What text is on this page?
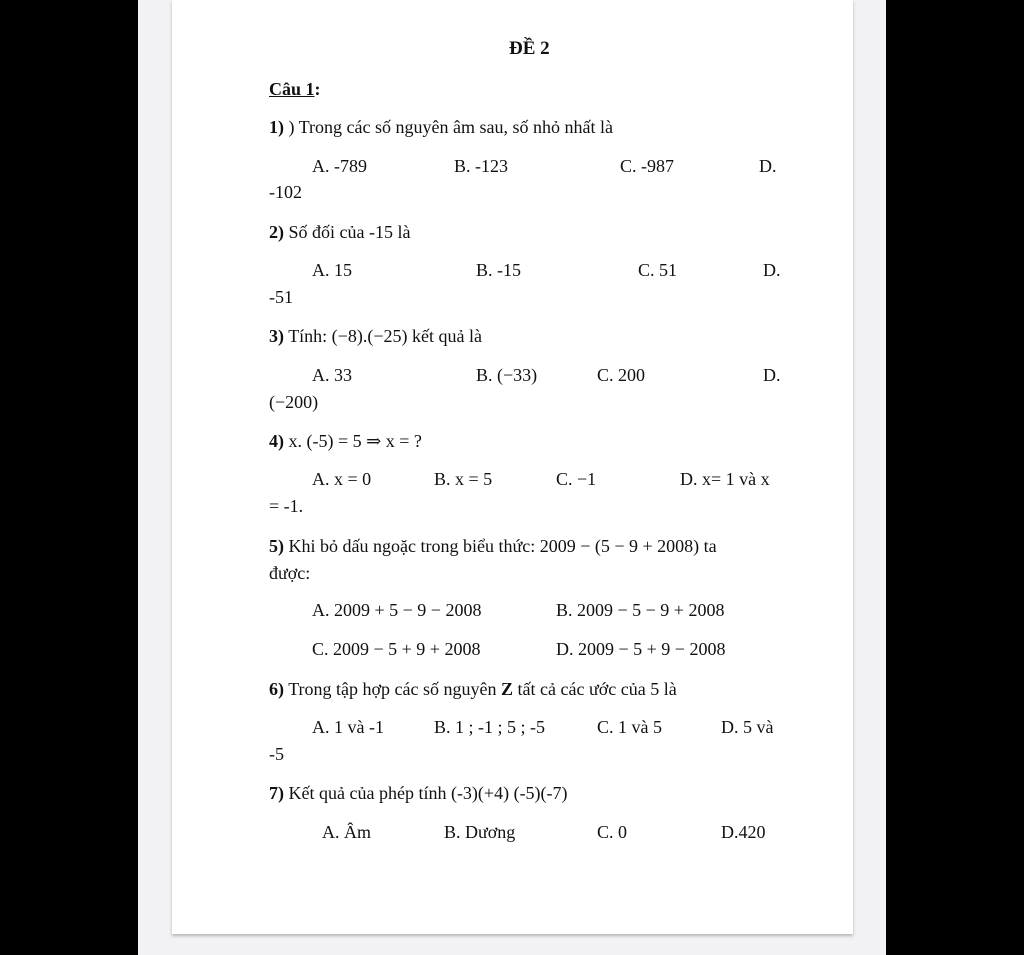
ĐỀ 2
Câu 1:
1) ) Trong các số nguyên âm sau, số nhỏ nhất là
A. -789	B. -123	C. -987	D.
-102
2) Số đối của -15 là
A. 15	B. -15	C. 51	D.
-51
3) Tính: (−8).(−25) kết quả là
A. 33	B. (−33)	C. 200	D.
(−200)
4) x. (-5) = 5 ⇒ x = ?
A. x = 0	B. x = 5	C. −1	D. x= 1 và x
= -1.
5) Khi bỏ dấu ngoặc trong biểu thức: 2009 − (5 − 9 + 2008) ta
được:
A. 2009 + 5 − 9 − 2008	B. 2009 − 5 − 9 + 2008
C. 2009 − 5 + 9 + 2008	D. 2009 − 5 + 9 − 2008
6) Trong tập hợp các số nguyên Z tất cả các ước của 5 là
A. 1 và -1	B. 1 ; -1 ; 5 ; -5	C. 1 và 5	D. 5 và
-5
7) Kết quả của phép tính (-3)(+4) (-5)(-7)
A. Âm	B. Dương	C. 0	D.420
